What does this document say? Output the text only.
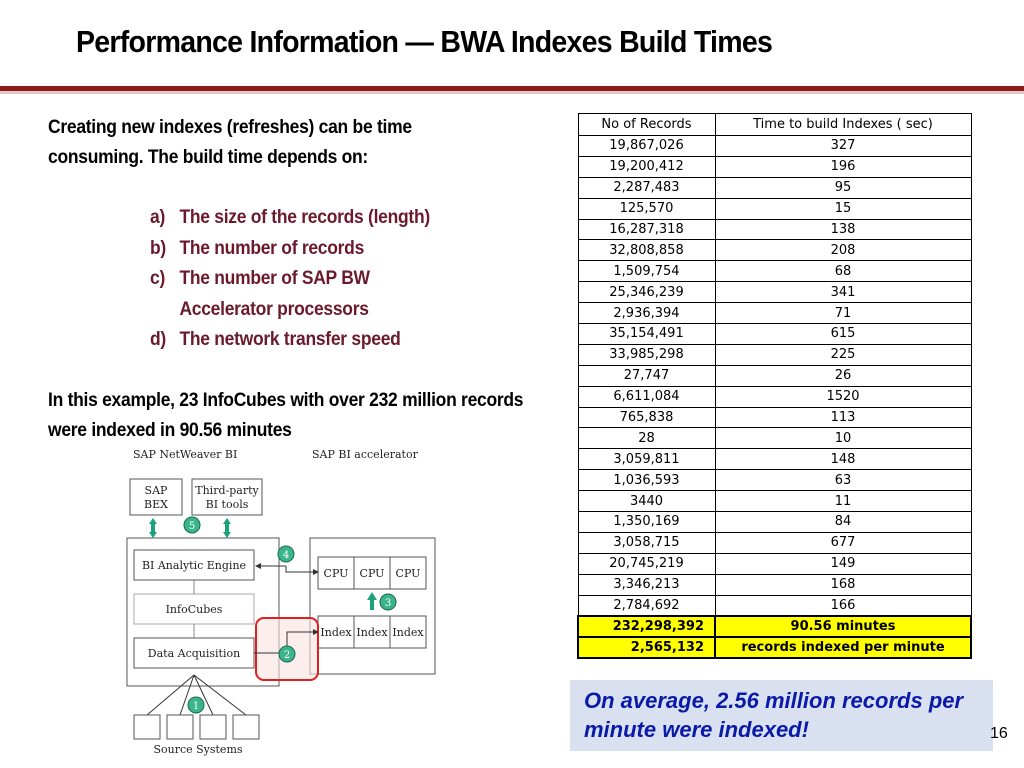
Performance Information — BWA Indexes Build Times
Creating new indexes (refreshes) can be time consuming. The build time depends on:
a) The size of the records (length)
b) The number of records
c) The number of SAP BW
Accelerator processors
d) The network transfer speed
In this example, 23 InfoCubes with over 232 million records were indexed in 90.56 minutes
No of Records	Time to build Indexes ( sec)
19,867,026	327
19,200,412	196
2,287,483	95
125,570	15
16,287,318	138
32,808,858	208
1,509,754	68
25,346,239	341
2,936,394	71
35,154,491	615
33,985,298	225
27,747	26
6,611,084	1520
765,838	113
28	10
3,059,811	148
1,036,593	63
3440	11
1,350,169	84
3,058,715	677
20,745,219	149
3,346,213	168
2,784,692	166
232,298,392	90.56 minutes
2,565,132	records indexed per minute
SAP NetWeaver BI	SAP BI accelerator
SAP
BEX
Third-party
BI tools
5
BI Analytic Engine
InfoCubes
Data Acquisition
CPU CPU CPU
3
Index Index Index
4
2
1
Source Systems
On average, 2.56 million records per minute were indexed!	16
